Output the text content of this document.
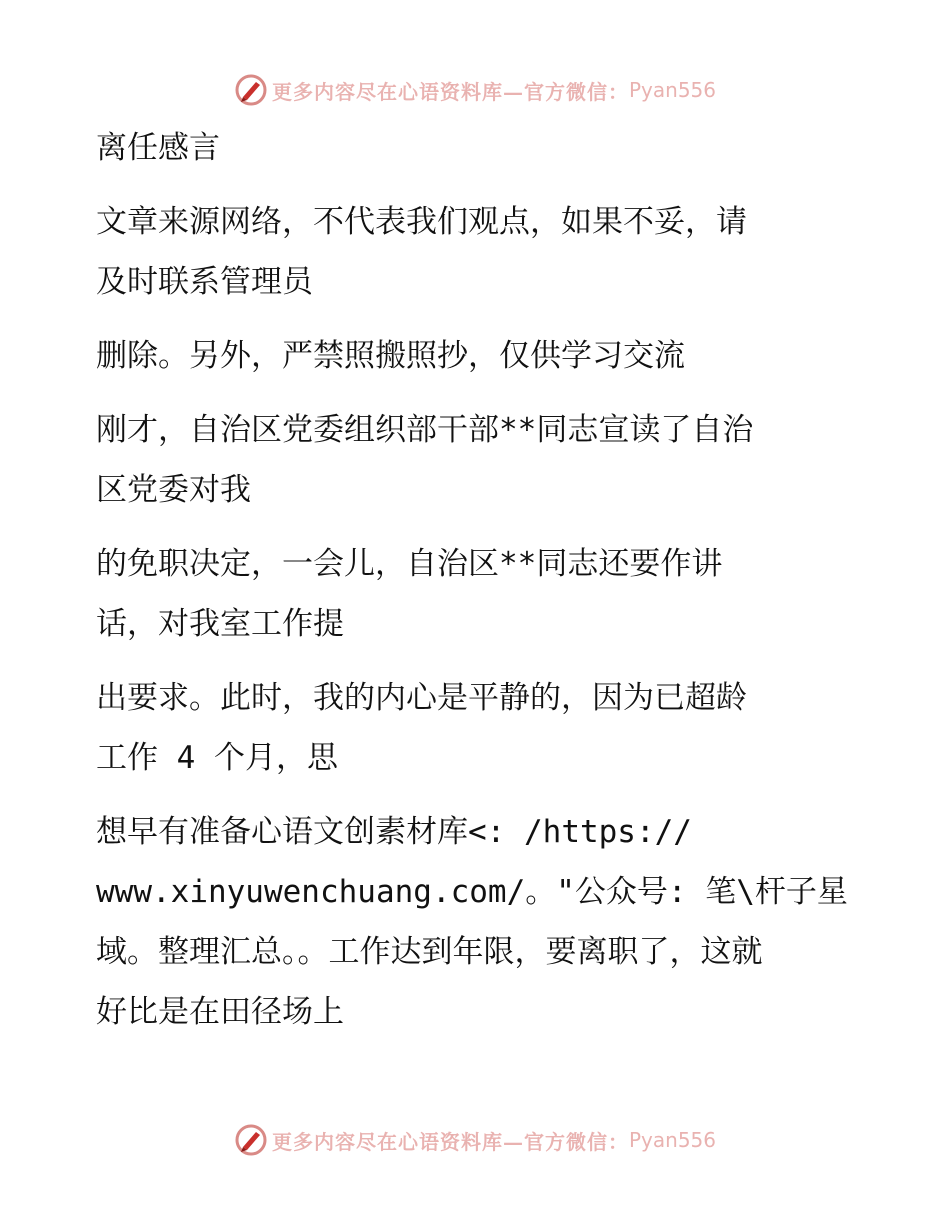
更多内容尽在心语资料库—官方微信： Pyan556
离任感言
文章来源网络，不代表我们观点，如果不妥，请
及时联系管理员
删除。另外，严禁照搬照抄，仅供学习交流
刚才，自治区党委组织部干部**同志宣读了自治
区党委对我
的免职决定，一会儿，自治区**同志还要作讲
话，对我室工作提
出要求。此时，我的内心是平静的，因为已超龄
工作 4 个月，思
想早有准备心语文创素材库<: /https://
www.xinyuwenchuang.com/。"公众号: 笔\杆子星
域。整理汇总。。工作达到年限，要离职了，这就
好比是在田径场上
更多内容尽在心语资料库—官方微信： Pyan556
